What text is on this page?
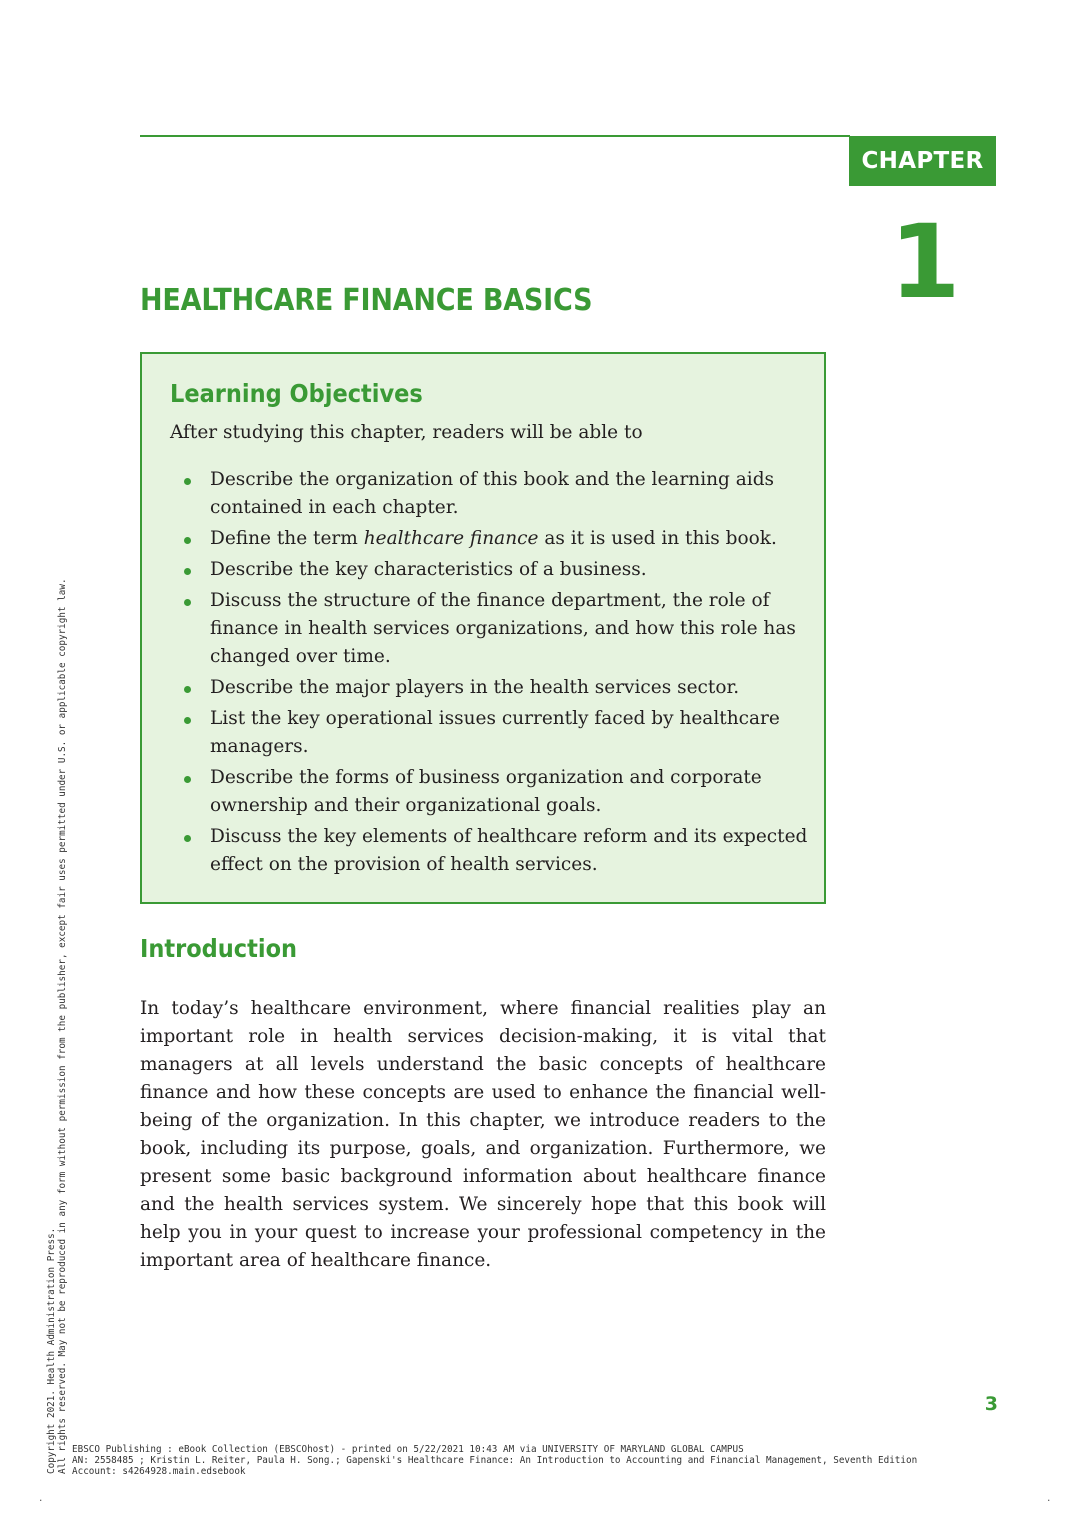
CHAPTER
1
HEALTHCARE FINANCE BASICS
Learning Objectives

After studying this chapter, readers will be able to

Describe the organization of this book and the learning aids contained in each chapter.
Define the term healthcare finance as it is used in this book.
Describe the key characteristics of a business.
Discuss the structure of the finance department, the role of finance in health services organizations, and how this role has changed over time.
Describe the major players in the health services sector.
List the key operational issues currently faced by healthcare managers.
Describe the forms of business organization and corporate ownership and their organizational goals.
Discuss the key elements of healthcare reform and its expected effect on the provision of health services.
Introduction

In today’s healthcare environment, where financial realities play an important role in health services decision-making, it is vital that managers at all levels understand the basic concepts of healthcare finance and how these concepts are used to enhance the financial well-being of the organization. In this chapter, we introduce readers to the book, including its purpose, goals, and organization. Furthermore, we present some basic background information about healthcare finance and the health services system. We sincerely hope that this book will help you in your quest to increase your professional competency in the important area of healthcare finance.

3
EBSCO Publishing : eBook Collection (EBSCOhost) - printed on 5/22/2021 10:43 AM via UNIVERSITY OF MARYLAND GLOBAL CAMPUS
AN: 2558485 ; Kristin L. Reiter, Paula H. Song.; Gapenski's Healthcare Finance: An Introduction to Accounting and Financial Management, Seventh Edition
Account: s4264928.main.edsebook
Copyright 2021. Health Administration Press. All rights reserved. May not be reproduced in any form without permission from the publisher, except fair uses permitted under U.S. or applicable copyright law.
.	.
